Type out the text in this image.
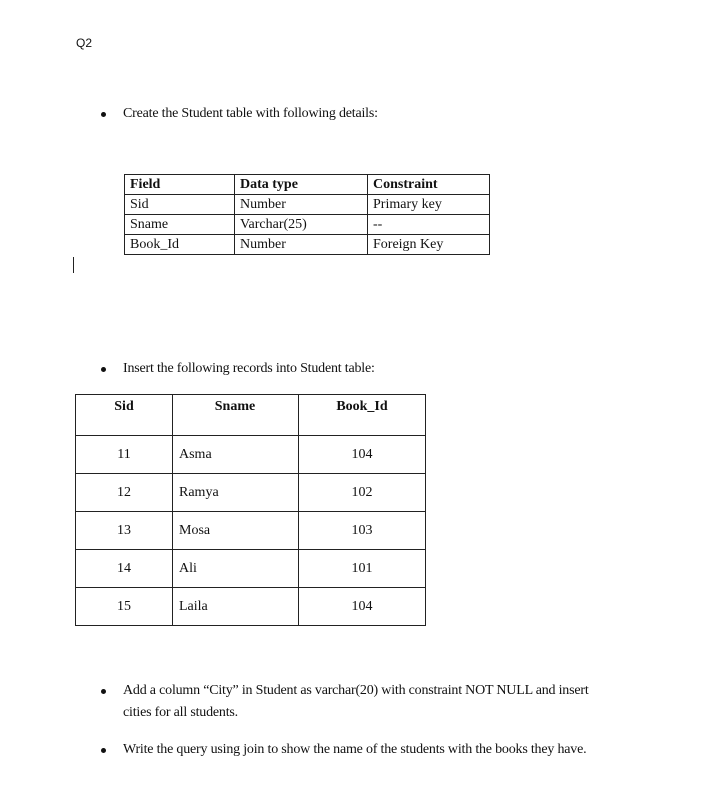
Q2
Create the Student table with following details:
Field	Data type	Constraint
Sid	Number	Primary key
Sname	Varchar(25)	--
Book_Id	Number	Foreign Key
Insert the following records into Student table:
Sid	Sname	Book_Id
11	Asma	104
12	Ramya	102
13	Mosa	103
14	Ali	101
15	Laila	104
Add a column “City” in Student as varchar(20) with constraint NOT NULL and insert
cities for all students.
Write the query using join to show the name of the students with the books they have.
